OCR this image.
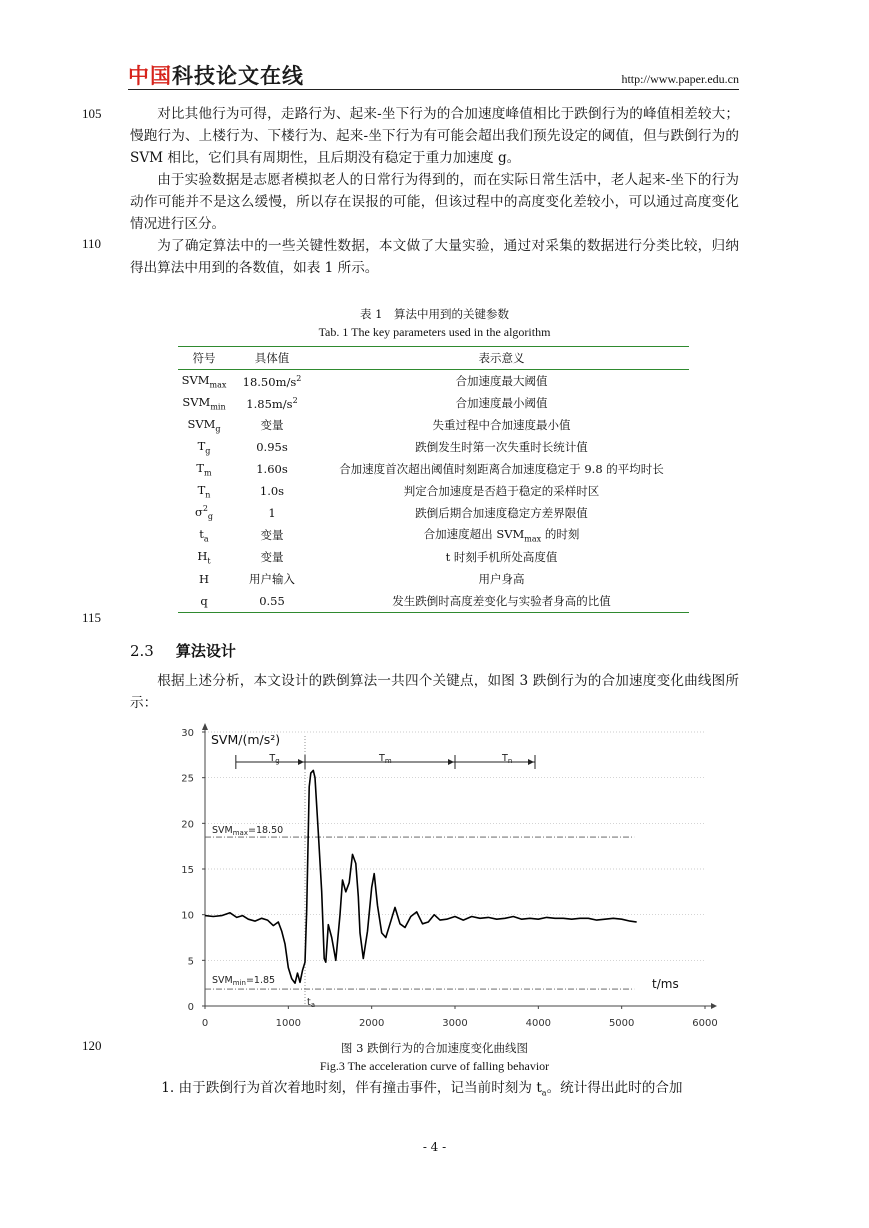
中国科技论文在线	http://www.paper.edu.cn
105
110
115
120

对比其他行为可得，走路行为、起来-坐下行为的合加速度峰值相比于跌倒行为的峰值相差较大；慢跑行为、上楼行为、下楼行为、起来-坐下行为有可能会超出我们预先设定的阈值，但与跌倒行为的 SVM 相比，它们具有周期性，且后期没有稳定于重力加速度 g。

由于实验数据是志愿者模拟老人的日常行为得到的，而在实际日常生活中，老人起来-坐下的行为动作可能并不是这么缓慢，所以存在误报的可能，但该过程中的高度变化差较小，可以通过高度变化情况进行区分。

为了确定算法中的一些关键性数据，本文做了大量实验，通过对采集的数据进行分类比较，归纳得出算法中用到的各数值，如表 1 所示。

表 1　算法中用到的关键参数
Tab. 1 The key parameters used in the algorithm
符号	具体值	表示意义
$SVM_{max}$	$18.50m/s^2$	合加速度最大阈值
$SVM_{min}$	$1.85m/s^2$	合加速度最小阈值
$SVM_g$	变量	失重过程中合加速度最小值
$T_g$	0.95s	跌倒发生时第一次失重时长统计值
$T_m$	1.60s	合加速度首次超出阈值时刻距离合加速度稳定于 9.8 的平均时长
$T_n$	1.0s	判定合加速度是否趋于稳定的采样时区
$\sigma^2_g$	1	跌倒后期合加速度稳定方差界限值
$t_a$	变量	合加速度超出 $SVM_{max}$ 的时刻
$H_t$	变量	t 时刻手机所处高度值
H	用户输入	用户身高
q	0.55	发生跌倒时高度差变化与实验者身高的比值
2.3 算法设计

根据上述分析，本文设计的跌倒算法一共四个关键点，如图 3 跌倒行为的合加速度变化曲线图所示：

0
5
10
15
20
25
30
0	1000	2000	3000	4000	5000	6000
SVM/(m/s²)
t/ms
$SVM_{max}=18.50$
$SVM_{min}=1.85$
$t_a$
$T_g$	$T_m$	$T_n$
图 3 跌倒行为的合加速度变化曲线图
Fig.3 The acceleration curve of falling behavior

1. 由于跌倒行为首次着地时刻，伴有撞击事件，记当前时刻为 $t_a$。统计得出此时的合加

- 4 -
